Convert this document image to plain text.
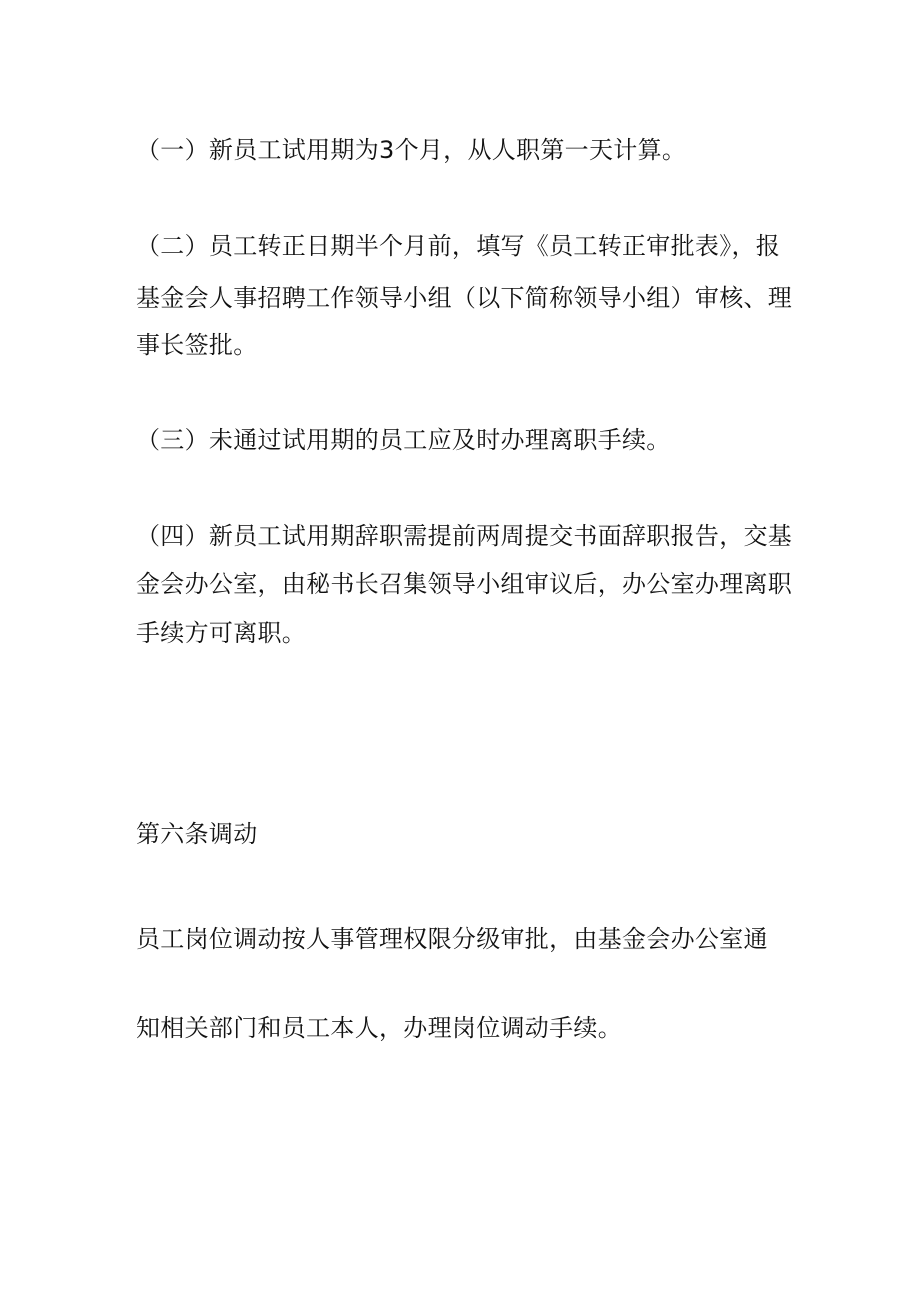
（一）新员工试用期为3个月，从人职第一天计算。
（二）员工转正日期半个月前，填写《员工转正审批表》，报
基金会人事招聘工作领导小组（以下简称领导小组）审核、理
事长签批。
（三）未通过试用期的员工应及时办理离职手续。
（四）新员工试用期辞职需提前两周提交书面辞职报告，交基
金会办公室，由秘书长召集领导小组审议后，办公室办理离职
手续方可离职。
第六条调动
员工岗位调动按人事管理权限分级审批，由基金会办公室通
知相关部门和员工本人，办理岗位调动手续。
